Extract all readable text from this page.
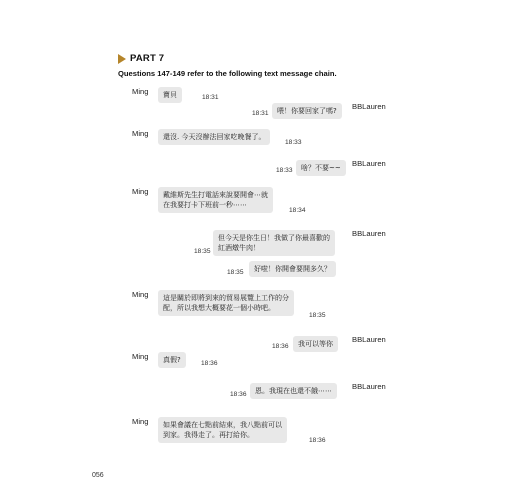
PART 7
Questions 147-149 refer to the following text message chain.
Ming 寶貝	18:31
18:31 喂！你要回家了嗎? BBLauren
Ming 還沒. 今天沒辦法回家吃晚餐了。
18:33
18:33 啥？不要~~ BBLauren
Ming 戴維斯先生打電話來說要開會⋯就
在我要打卡下班前一秒⋯⋯
18:34
18:35
但今天是你生日！我做了你最喜歡的
紅酒燉牛肉！
BBLauren
18:35 好啦！你開會要開多久？
Ming 這是關於即將到來的貿易展覽上工作的分
配，所以我想大概要花一個小時吧。
18:35
18:36 我可以等你	BBLauren
Ming 真假?	18:36
18:36 恩。我現在也還不餓⋯⋯	BBLauren
Ming 如果會議在七點前結束，我八點前可以
到家。我得走了。再打給你。
18:36
056
